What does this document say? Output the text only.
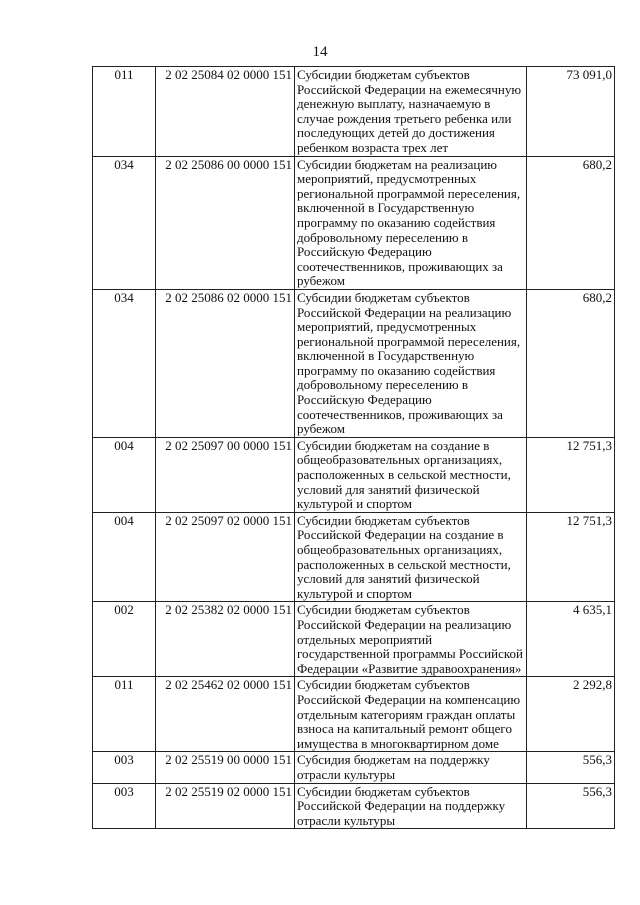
14
011	2 02 25084 02 0000 151	Субсидии бюджетам субъектов Российской Федерации на ежемесячную денежную выплату, назначаемую в случае рождения третьего ребенка или последующих детей до достижения ребенком возраста трех лет	73 091,0
034	2 02 25086 00 0000 151	Субсидии бюджетам на реализацию мероприятий, предусмотренных региональной программой переселения, включенной в Государственную программу по оказанию содействия добровольному переселению в Российскую Федерацию соотечественников, проживающих за рубежом	680,2
034	2 02 25086 02 0000 151	Субсидии бюджетам субъектов Российской Федерации на реализацию мероприятий, предусмотренных региональной программой переселения, включенной в Государственную программу по оказанию содействия добровольному переселению в Российскую Федерацию соотечественников, проживающих за рубежом	680,2
004	2 02 25097 00 0000 151	Субсидии бюджетам на создание в общеобразовательных организациях, расположенных в сельской местности, условий для занятий физической культурой и спортом	12 751,3
004	2 02 25097 02 0000 151	Субсидии бюджетам субъектов Российской Федерации на создание в общеобразовательных организациях, расположенных в сельской местности, условий для занятий физической культурой и спортом	12 751,3
002	2 02 25382 02 0000 151	Субсидии бюджетам субъектов Российской Федерации на реализацию отдельных мероприятий государственной программы Российской Федерации «Развитие здравоохранения»	4 635,1
011	2 02 25462 02 0000 151	Субсидии бюджетам субъектов Российской Федерации на компенсацию отдельным категориям граждан оплаты взноса на капитальный ремонт общего имущества в многоквартирном доме	2 292,8
003	2 02 25519 00 0000 151	Субсидия бюджетам на поддержку отрасли культуры	556,3
003	2 02 25519 02 0000 151	Субсидии бюджетам субъектов Российской Федерации на поддержку отрасли культуры	556,3
